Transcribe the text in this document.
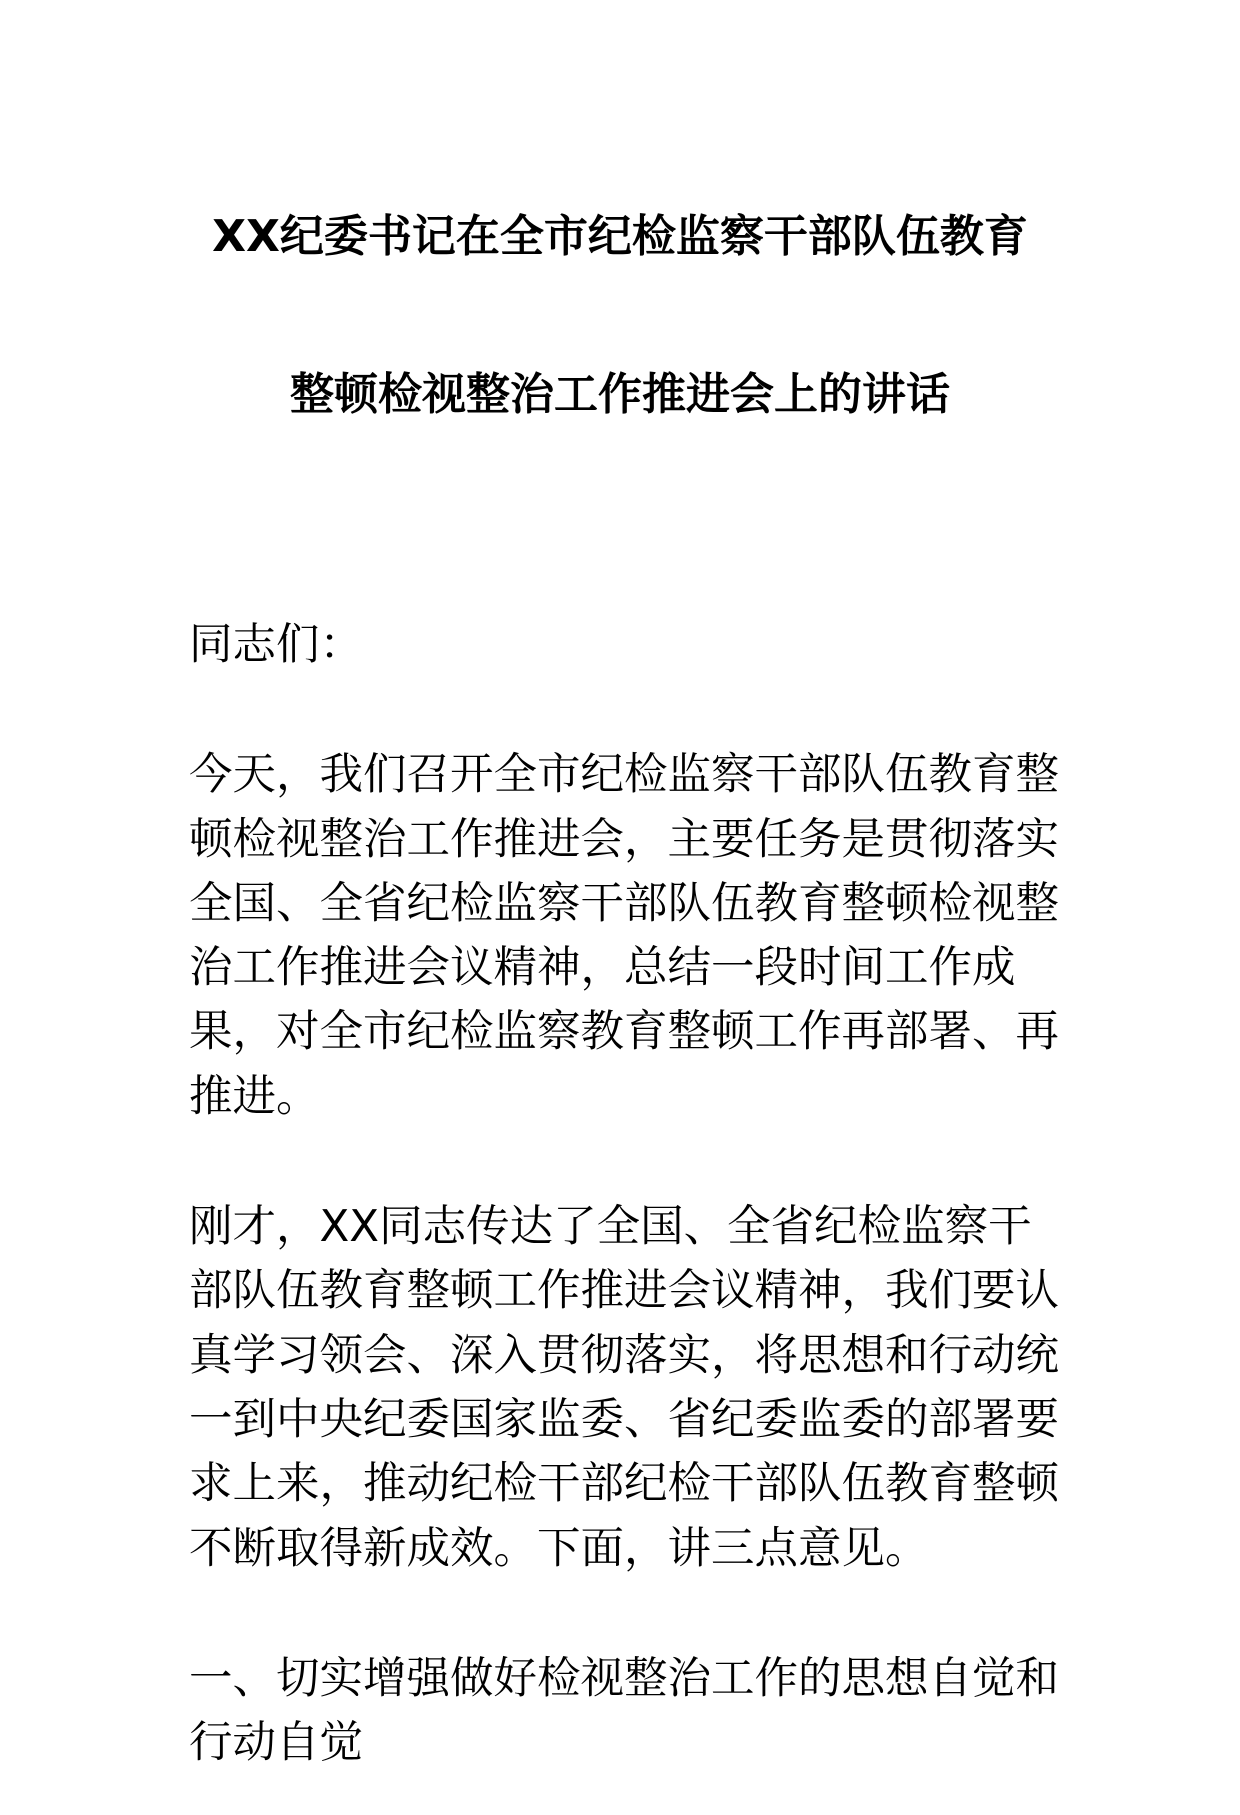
XX纪委书记在全市纪检监察干部队伍教育
整顿检视整治工作推进会上的讲话

同志们：

今天，我们召开全市纪检监察干部队伍教育整顿检视整治工作推进会，主要任务是贯彻落实全国、全省纪检监察干部队伍教育整顿检视整治工作推进会议精神，总结一段时间工作成果，对全市纪检监察教育整顿工作再部署、再推进。

刚才，XX同志传达了全国、全省纪检监察干部队伍教育整顿工作推进会议精神，我们要认真学习领会、深入贯彻落实，将思想和行动统一到中央纪委国家监委、省纪委监委的部署要求上来，推动纪检干部纪检干部队伍教育整顿不断取得新成效。下面，讲三点意见。

一、切实增强做好检视整治工作的思想自觉和行动自觉
